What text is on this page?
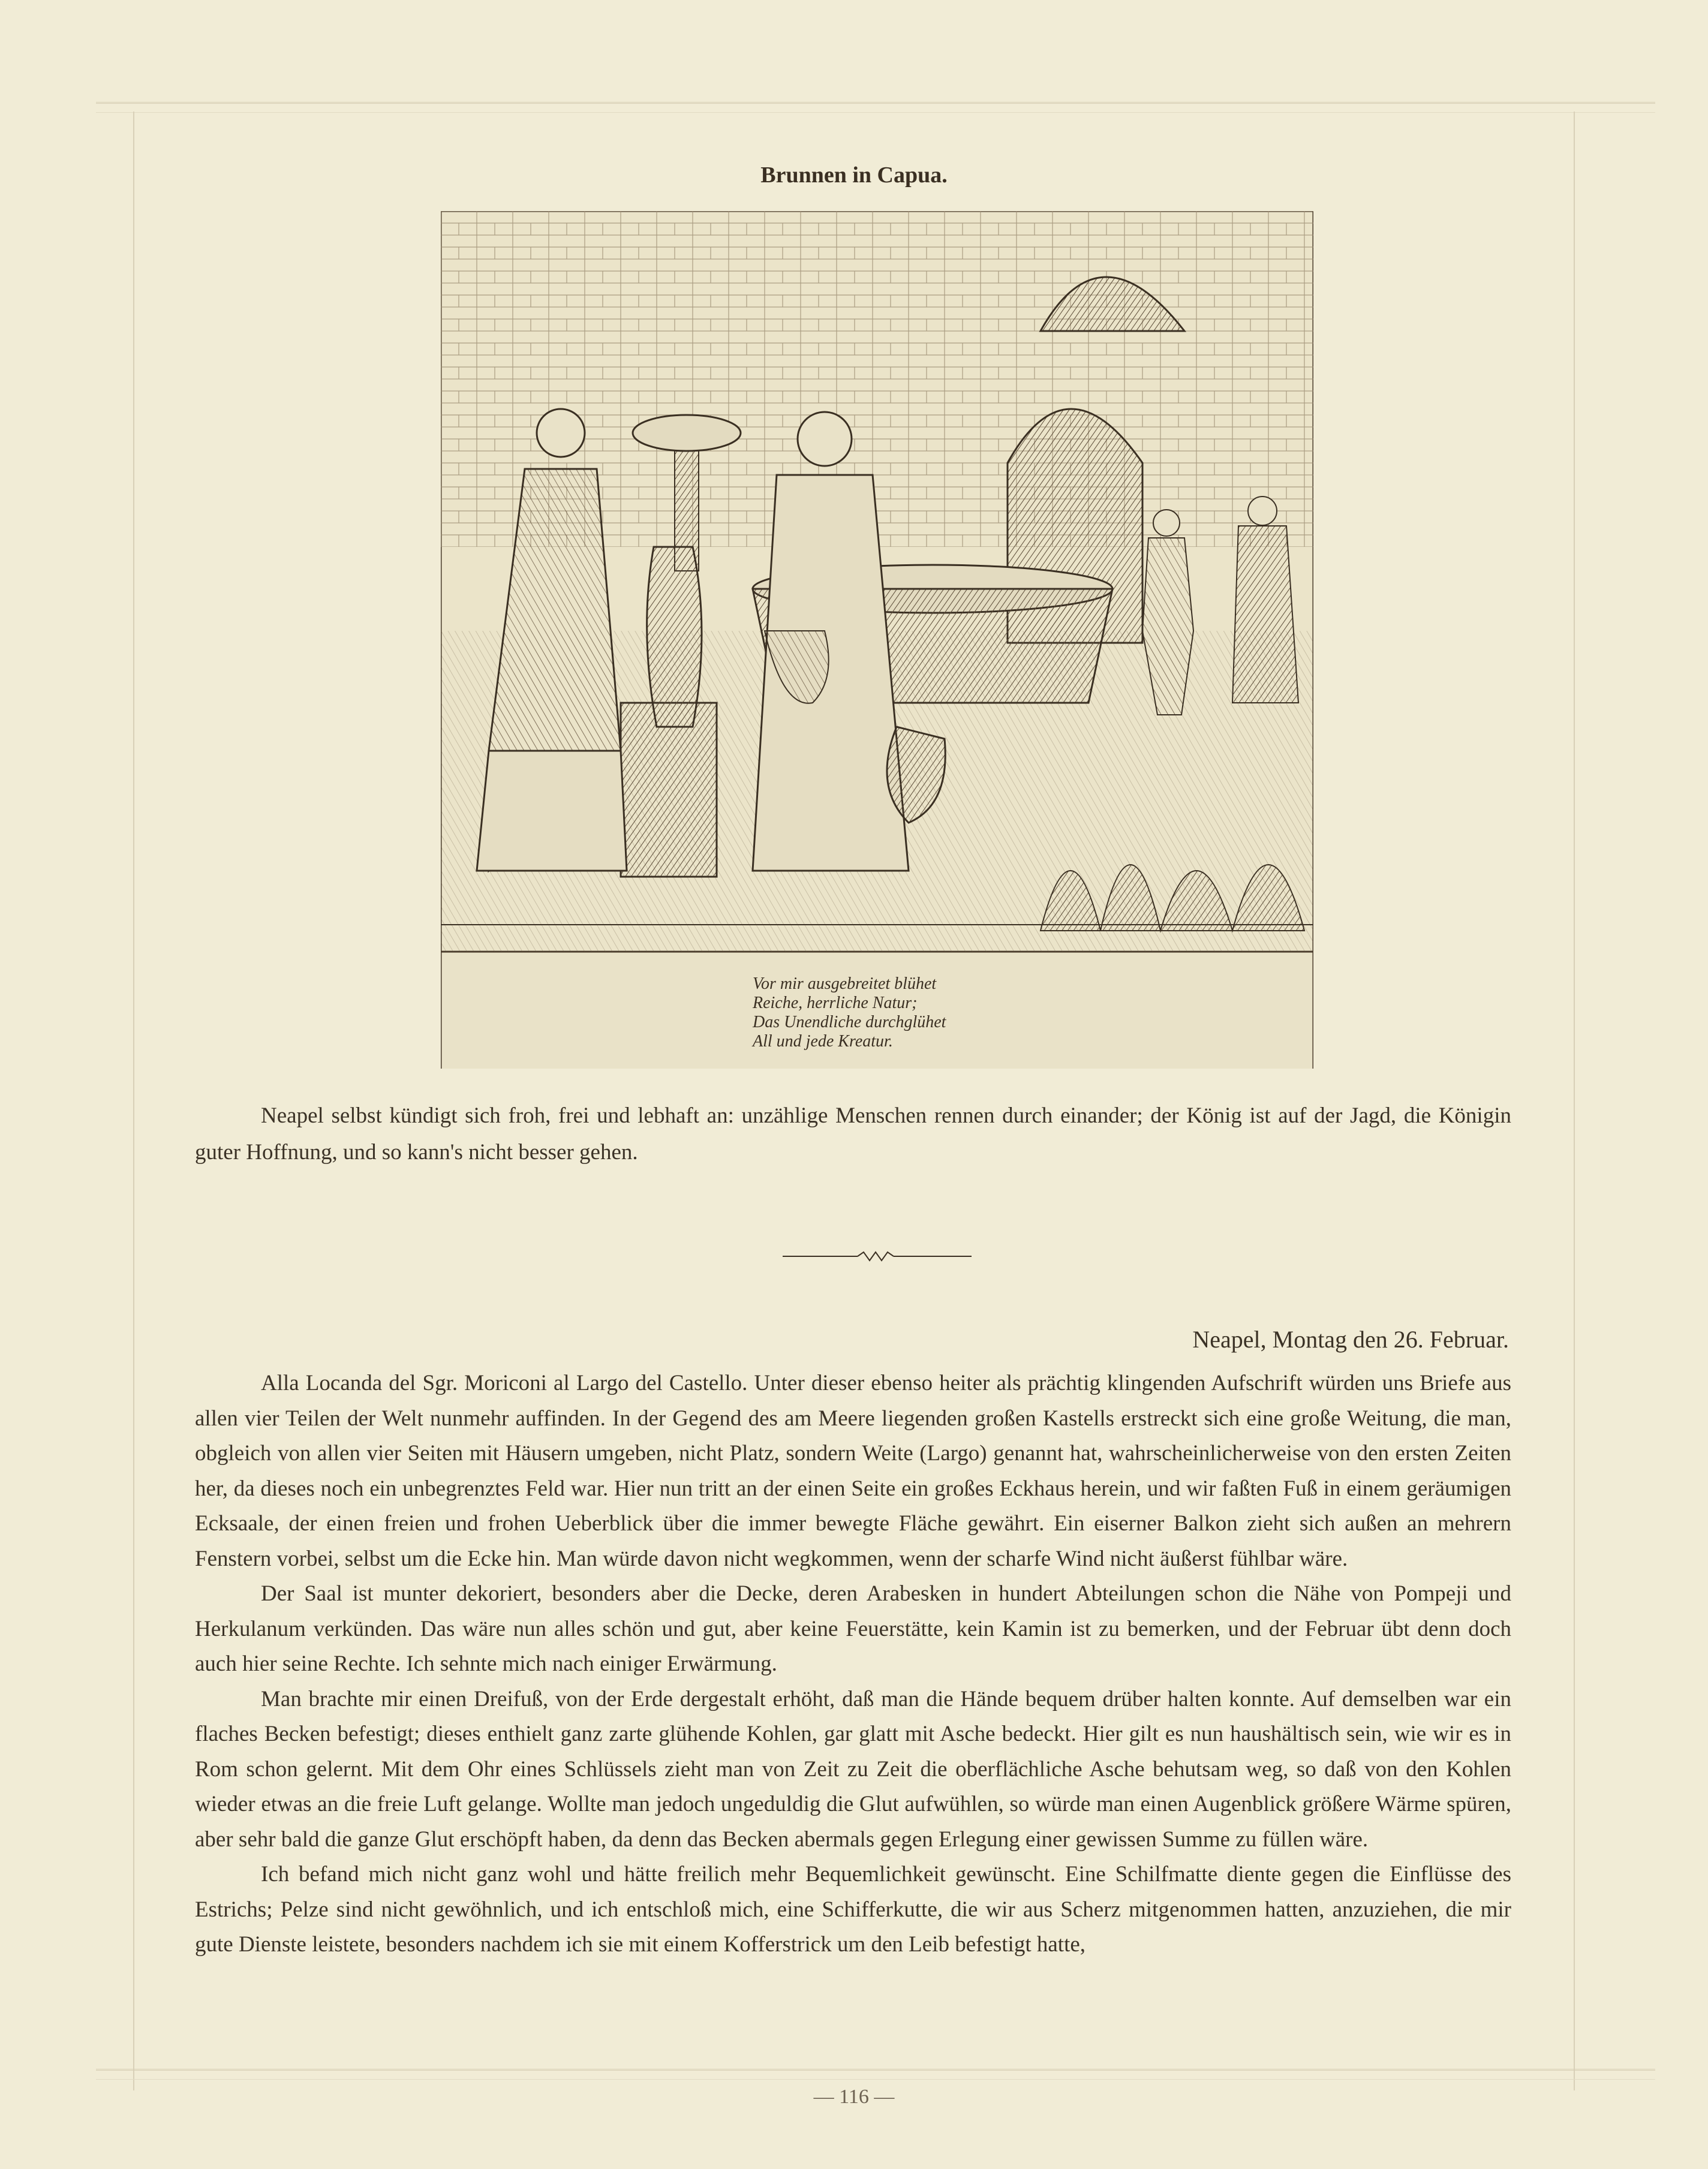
Brunnen in Capua.
Vor mir ausgebreitet blühet
Reiche, herrliche Natur;
Das Unendliche durchglühet
All und jede Kreatur.
Neapel selbst kündigt sich froh, frei und lebhaft an: unzählige Menschen rennen durch einander; der König ist auf der Jagd, die Königin guter Hoffnung, und so kann's nicht besser gehen.
Neapel, Montag den 26. Februar.

Alla Locanda del Sgr. Moriconi al Largo del Castello. Unter dieser ebenso heiter als prächtig klingenden Aufschrift würden uns Briefe aus allen vier Teilen der Welt nunmehr auffinden. In der Gegend des am Meere liegenden großen Kastells erstreckt sich eine große Weitung, die man, obgleich von allen vier Seiten mit Häusern umgeben, nicht Platz, sondern Weite (Largo) genannt hat, wahrscheinlicherweise von den ersten Zeiten her, da dieses noch ein unbegrenztes Feld war. Hier nun tritt an der einen Seite ein großes Eckhaus herein, und wir faßten Fuß in einem geräumigen Ecksaale, der einen freien und frohen Ueberblick über die immer bewegte Fläche gewährt. Ein eiserner Balkon zieht sich außen an mehrern Fenstern vorbei, selbst um die Ecke hin. Man würde davon nicht wegkommen, wenn der scharfe Wind nicht äußerst fühlbar wäre.

Der Saal ist munter dekoriert, besonders aber die Decke, deren Arabesken in hundert Abteilungen schon die Nähe von Pompeji und Herkulanum verkünden. Das wäre nun alles schön und gut, aber keine Feuerstätte, kein Kamin ist zu bemerken, und der Februar übt denn doch auch hier seine Rechte. Ich sehnte mich nach einiger Erwärmung.

Man brachte mir einen Dreifuß, von der Erde dergestalt erhöht, daß man die Hände bequem drüber halten konnte. Auf demselben war ein flaches Becken befestigt; dieses enthielt ganz zarte glühende Kohlen, gar glatt mit Asche bedeckt. Hier gilt es nun haushältisch sein, wie wir es in Rom schon gelernt. Mit dem Ohr eines Schlüssels zieht man von Zeit zu Zeit die oberflächliche Asche behutsam weg, so daß von den Kohlen wieder etwas an die freie Luft gelange. Wollte man jedoch ungeduldig die Glut aufwühlen, so würde man einen Augenblick größere Wärme spüren, aber sehr bald die ganze Glut erschöpft haben, da denn das Becken abermals gegen Erlegung einer gewissen Summe zu füllen wäre.

Ich befand mich nicht ganz wohl und hätte freilich mehr Bequemlichkeit gewünscht. Eine Schilfmatte diente gegen die Einflüsse des Estrichs; Pelze sind nicht gewöhnlich, und ich entschloß mich, eine Schifferkutte, die wir aus Scherz mitgenommen hatten, anzuziehen, die mir gute Dienste leistete, besonders nachdem ich sie mit einem Kofferstrick um den Leib befestigt hatte,

— 116 —
